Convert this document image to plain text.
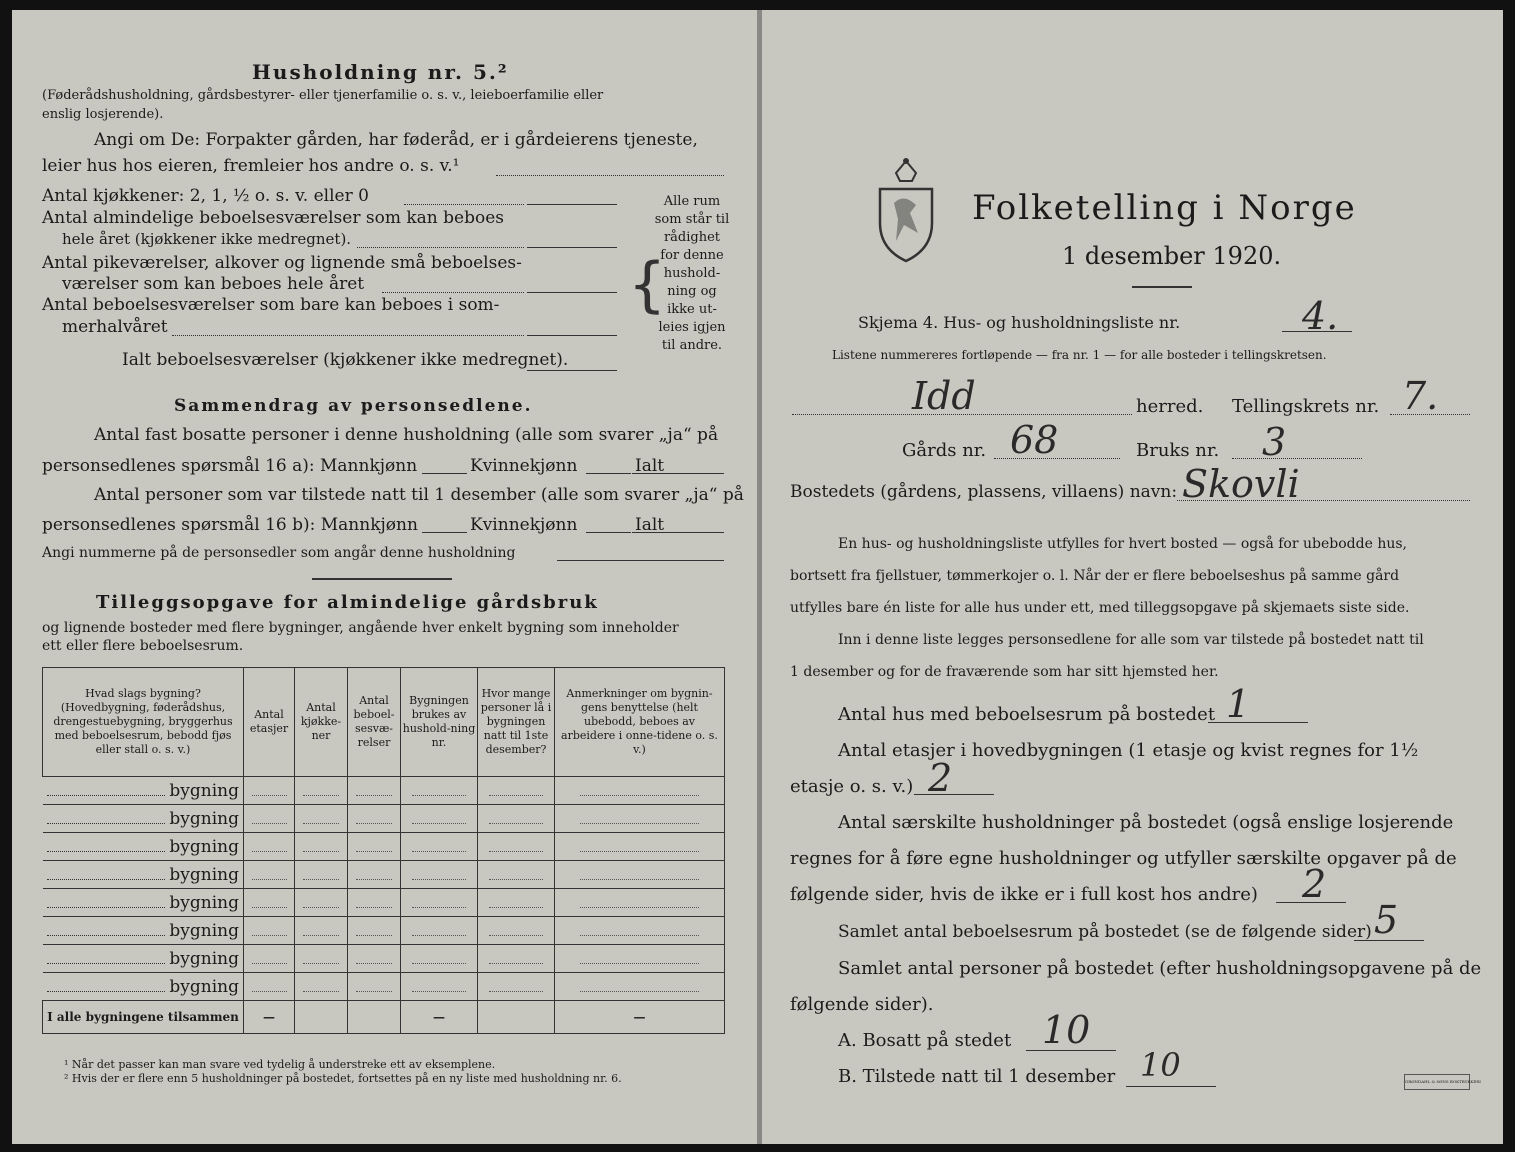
Husholdning nr. 5.²
(Føderådshusholdning, gårdsbestyrer- eller tjenerfamilie o. s. v., leieboerfamilie eller
enslig losjerende).
Angi om De: Forpakter gården, har føderåd, er i gårdeierens tjeneste,
leier hus hos eieren, fremleier hos andre o. s. v.¹
Antal kjøkkener: 2, 1, ½ o. s. v. eller 0
Antal almindelige beboelsesværelser som kan beboes
hele året (kjøkkener ikke medregnet).
Antal pikeværelser, alkover og lignende små beboelses-
værelser som kan beboes hele året
Antal beboelsesværelser som bare kan beboes i som-
merhalvåret
Ialt beboelsesværelser (kjøkkener ikke medregnet).
{
Alle rum
som står til
rådighet
for denne
hushold-
ning og
ikke ut-
leies igjen
til andre.
Sammendrag av personsedlene.
Antal fast bosatte personer i denne husholdning (alle som svarer „ja“ på
personsedlenes spørsmål 16 a): Mannkjønn	Kvinnekjønn	Ialt
Antal personer som var tilstede natt til 1 desember (alle som svarer „ja“ på
personsedlenes spørsmål 16 b): Mannkjønn	Kvinnekjønn	Ialt
Angi nummerne på de personsedler som angår denne husholdning
Tilleggsopgave for almindelige gårdsbruk
og lignende bosteder med flere bygninger, angående hver enkelt bygning som inneholder
ett eller flere beboelsesrum.
Hvad slags bygning?
(Hovedbygning, føderådshus, drengestuebygning, bryggerhus med beboelsesrum, bebodd fjøs eller stall o. s. v.)	Antal etasjer	Antal kjøkke-ner	Antal beboel-sesvæ-relser	Bygningen brukes av hushold-ning nr.	Hvor mange personer lå i bygningen natt til 1ste desember?	Anmerkninger om bygnin-gens benyttelse (helt ubebodd, beboes av arbeidere i onne-tidene o. s. v.)

bygning						
bygning						
bygning						
bygning						
bygning						
bygning						
bygning						
bygning						
I alle bygningene tilsammen	—			—		—
¹ Når det passer kan man svare ved tydelig å understreke ett av eksemplene.
² Hvis der er flere enn 5 husholdninger på bostedet, fortsettes på en ny liste med husholdning nr. 6.
Folketelling i Norge
1 desember 1920.
Skjema 4. Hus- og husholdningsliste nr.	4.
Listene nummereres fortløpende — fra nr. 1 — for alle bosteder i tellingskretsen.
Idd	herred. Tellingskrets nr. 7.
Gårds nr. 68	Bruks nr. 3
Bostedets (gårdens, plassens, villaens) navn: Skovli
En hus- og husholdningsliste utfylles for hvert bosted — også for ubebodde hus,
bortsett fra fjellstuer, tømmerkojer o. l. Når der er flere beboelseshus på samme gård
utfylles bare én liste for alle hus under ett, med tilleggsopgave på skjemaets siste side.
Inn i denne liste legges personsedlene for alle som var tilstede på bostedet natt til
1 desember og for de fraværende som har sitt hjemsted her.
Antal hus med beboelsesrum på bostedet 1
Antal etasjer i hovedbygningen (1 etasje og kvist regnes for 1½
etasje o. s. v.) 2
Antal særskilte husholdninger på bostedet (også enslige losjerende
regnes for å føre egne husholdninger og utfyller særskilte opgaver på de
følgende sider, hvis de ikke er i full kost hos andre) 2
Samlet antal beboelsesrum på bostedet (se de følgende sider) 5
Samlet antal personer på bostedet (efter husholdningsopgavene på de
følgende sider).
A. Bosatt på stedet 10
B. Tilstede natt til 1 desember 10	GRØNDAHL & SØNS BOKTRYKKERI
